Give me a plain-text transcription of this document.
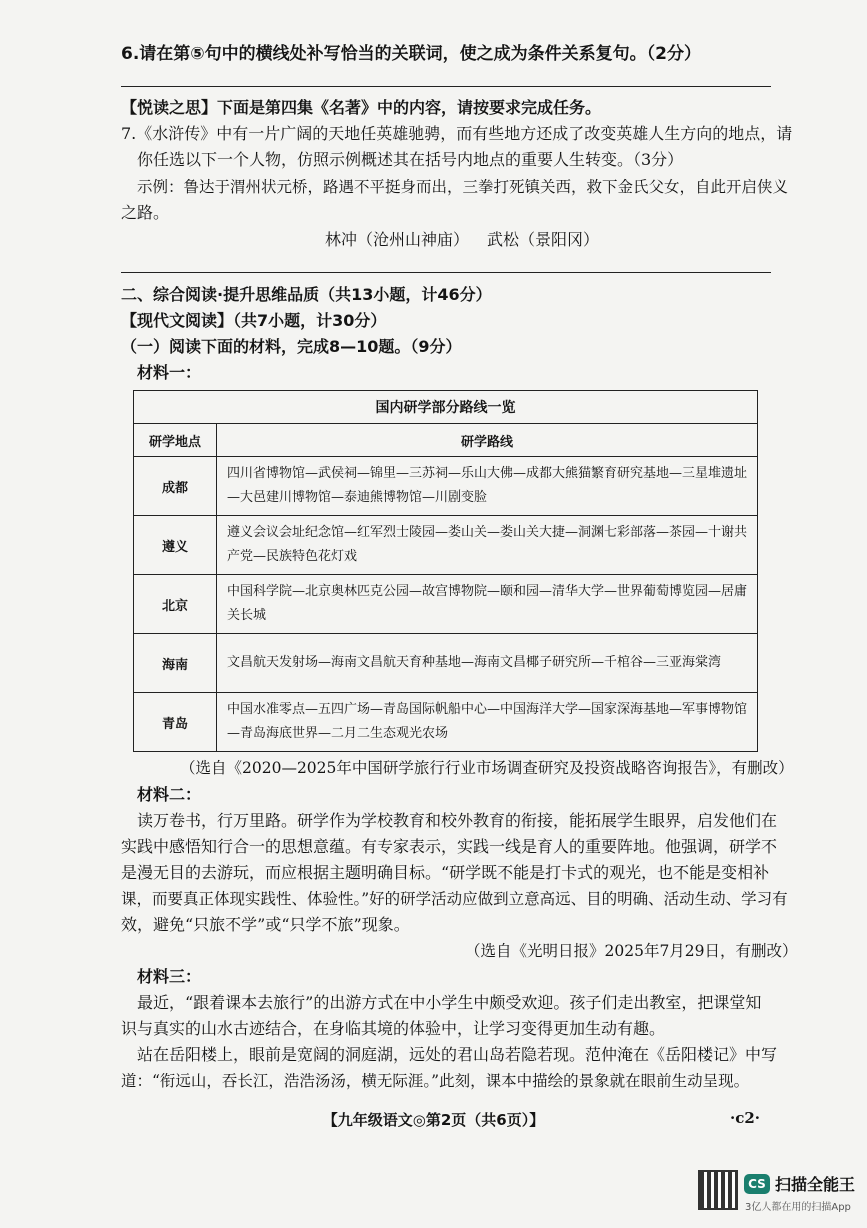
6.请在第⑤句中的横线处补写恰当的关联词，使之成为条件关系复句。（2分）
【悦读之思】下面是第四集《名著》中的内容，请按要求完成任务。
7.《水浒传》中有一片广阔的天地任英雄驰骋，而有些地方还成了改变英雄人生方向的地点，请
你任选以下一个人物，仿照示例概述其在括号内地点的重要人生转变。（3分）
示例：鲁达于渭州状元桥，路遇不平挺身而出，三拳打死镇关西，救下金氏父女，自此开启侠义
之路。
林冲（沧州山神庙） 武松（景阳冈）
二、综合阅读·提升思维品质（共13小题，计46分）
【现代文阅读】（共7小题，计30分）
（一）阅读下面的材料，完成8—10题。（9分）
材料一：
国内研学部分路线一览	
研学地点	研学路线
成都	四川省博物馆—武侯祠—锦里—三苏祠—乐山大佛—成都大熊猫繁育研究基地—三星堆遗址—大邑建川博物馆—泰迪熊博物馆—川剧变脸
遵义	遵义会议会址纪念馆—红军烈士陵园—娄山关—娄山关大捷—洞渊七彩部落—茶园—十谢共产党—民族特色花灯戏
北京	中国科学院—北京奥林匹克公园—故宫博物院—颐和园—清华大学—世界葡萄博览园—居庸关长城
海南	文昌航天发射场—海南文昌航天育种基地—海南文昌椰子研究所—千棺谷—三亚海棠湾
青岛	中国水准零点—五四广场—青岛国际帆船中心—中国海洋大学—国家深海基地—军事博物馆—青岛海底世界—二月二生态观光农场
（选自《2020—2025年中国研学旅行行业市场调查研究及投资战略咨询报告》，有删改）
材料二：
读万卷书，行万里路。研学作为学校教育和校外教育的衔接，能拓展学生眼界，启发他们在
实践中感悟知行合一的思想意蕴。有专家表示，实践一线是育人的重要阵地。他强调，研学不
是漫无目的去游玩，而应根据主题明确目标。“研学既不能是打卡式的观光，也不能是变相补
课，而要真正体现实践性、体验性。”好的研学活动应做到立意高远、目的明确、活动生动、学习有
效，避免“只旅不学”或“只学不旅”现象。
（选自《光明日报》2025年7月29日，有删改）
材料三：
最近，“跟着课本去旅行”的出游方式在中小学生中颇受欢迎。孩子们走出教室，把课堂知
识与真实的山水古迹结合，在身临其境的体验中，让学习变得更加生动有趣。
站在岳阳楼上，眼前是宽阔的洞庭湖，远处的君山岛若隐若现。范仲淹在《岳阳楼记》中写
道：“衔远山，吞长江，浩浩汤汤，横无际涯。”此刻，课本中描绘的景象就在眼前生动呈现。
【九年级语文◎第2页（共6页）】	·c2·
CS 扫描全能王
3亿人都在用的扫描App
